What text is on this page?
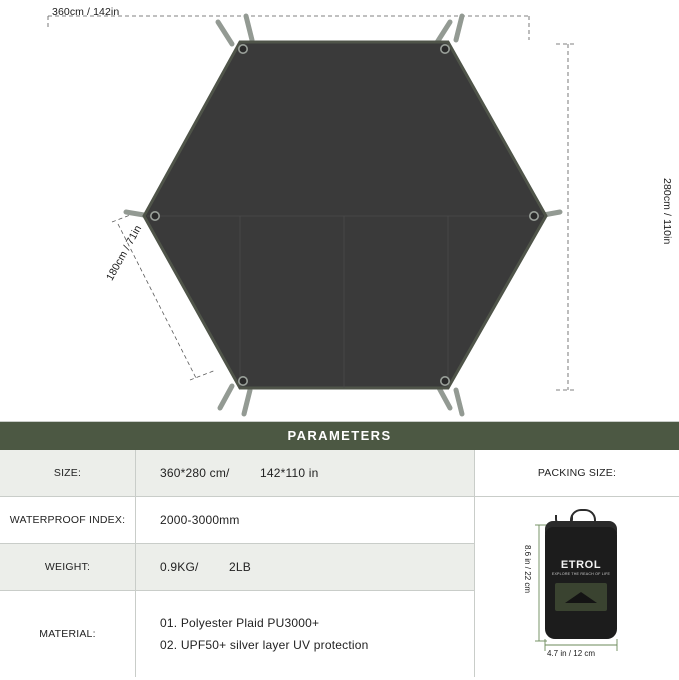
360cm / 142in
280cm / 110in
180cm / 71in
PARAMETERS
SIZE:	360*280 cm/	142*110 in
WATERPROOF INDEX:	2000-3000mm
WEIGHT:	0.9KG/	2LB
MATERIAL:
01. Polyester Plaid PU3000+
02. UPF50+ silver layer UV protection
PACKING SIZE:
ETROL
EXPLORE THE REACH OF LIFE
8.6 in / 22 cm
4.7 in / 12 cm
